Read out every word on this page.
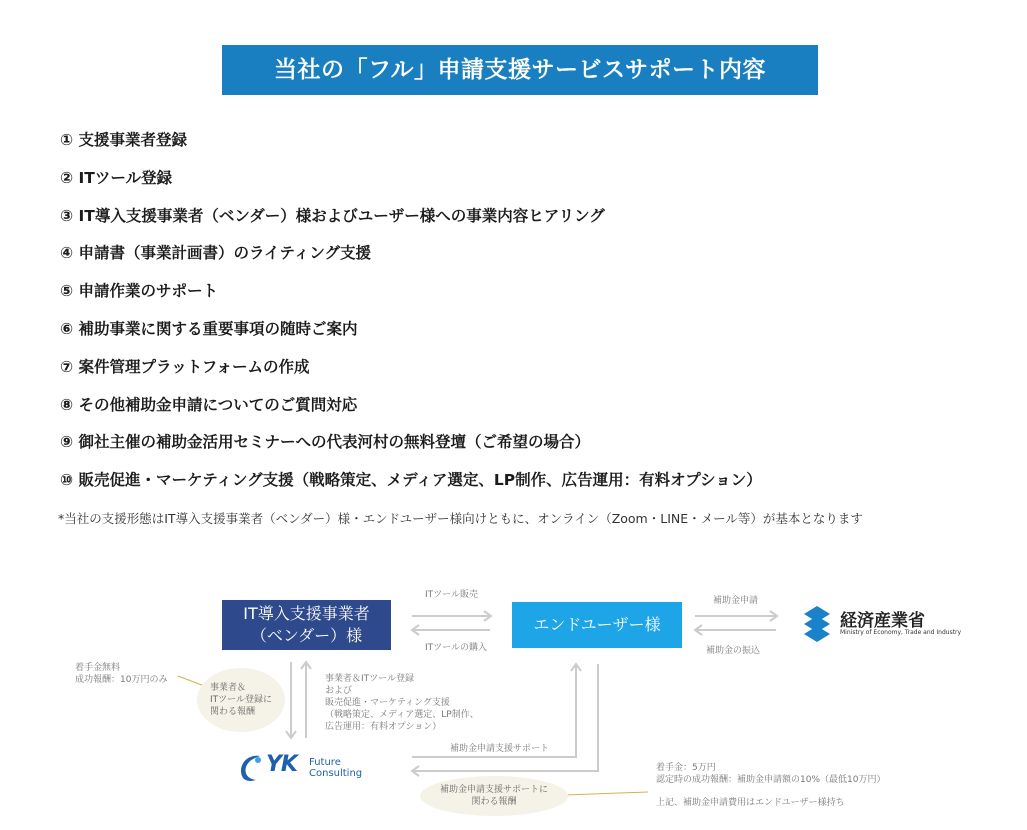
当社の「フル」申請支援サービスサポート内容
① 支援事業者登録
② ITツール登録
③ IT導入支援事業者（ベンダー）様およびユーザー様への事業内容ヒアリング
④ 申請書（事業計画書）のライティング支援
⑤ 申請作業のサポート
⑥ 補助事業に関する重要事項の随時ご案内
⑦ 案件管理プラットフォームの作成
⑧ その他補助金申請についてのご質問対応
⑨ 御社主催の補助金活用セミナーへの代表河村の無料登壇（ご希望の場合）
⑩ 販売促進・マーケティング支援（戦略策定、メディア選定、LP制作、広告運用：有料オプション）
*当社の支援形態はIT導入支援事業者（ベンダー）様・エンドユーザー様向けともに、オンライン（Zoom・LINE・メール等）が基本となります
IT導入支援事業者
（ベンダー）様
エンドユーザー様	経済産業省
Ministry of Economy, Trade and Industry
YK Future
Consulting
ITツール販売
ITツールの購入
補助金申請
補助金の振込
着手金無料
成功報酬：10万円のみ
事業者＆
ITツール登録に
関わる報酬
事業者＆ITツール登録
および
販売促進・マーケティング支援
（戦略策定、メディア選定、LP制作、
広告運用：有料オプション）
補助金申請支援サポート
補助金申請支援サポートに
関わる報酬
着手金：5万円
認定時の成功報酬：補助金申請額の10%（最低10万円）
上記、補助金申請費用はエンドユーザー様持ち
